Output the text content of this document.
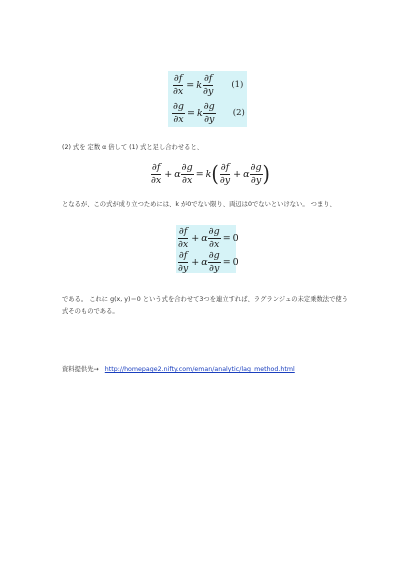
$\frac{\partial f}{\partial x} = k \frac{\partial f}{\partial y} (1)$
$\frac{\partial g}{\partial x} = k \frac{\partial g}{\partial y} (2)$
(2) 式を 定数 α 倍して (1) 式と足し合わせると、
$\frac{\partial f}{\partial x} + \alpha \frac{\partial g}{\partial x} = k$ ( $\frac{\partial f}{\partial y} + \alpha \frac{\partial g}{\partial y}$ )
となるが、この式が成り立つためには、k が0でない限り、両辺は0でないといけない。 つまり、
$\frac{\partial f}{\partial x} + \alpha \frac{\partial g}{\partial x} = 0$
$\frac{\partial f}{\partial y} + \alpha \frac{\partial g}{\partial y} = 0$
である。 これに g(x, y)＝0 という式を合わせて3つを連立すれば、ラグランジュの未定乗数法で使う
式そのものである。
資料提供先→ http://homepage2.nifty.com/eman/analytic/lag_method.html
